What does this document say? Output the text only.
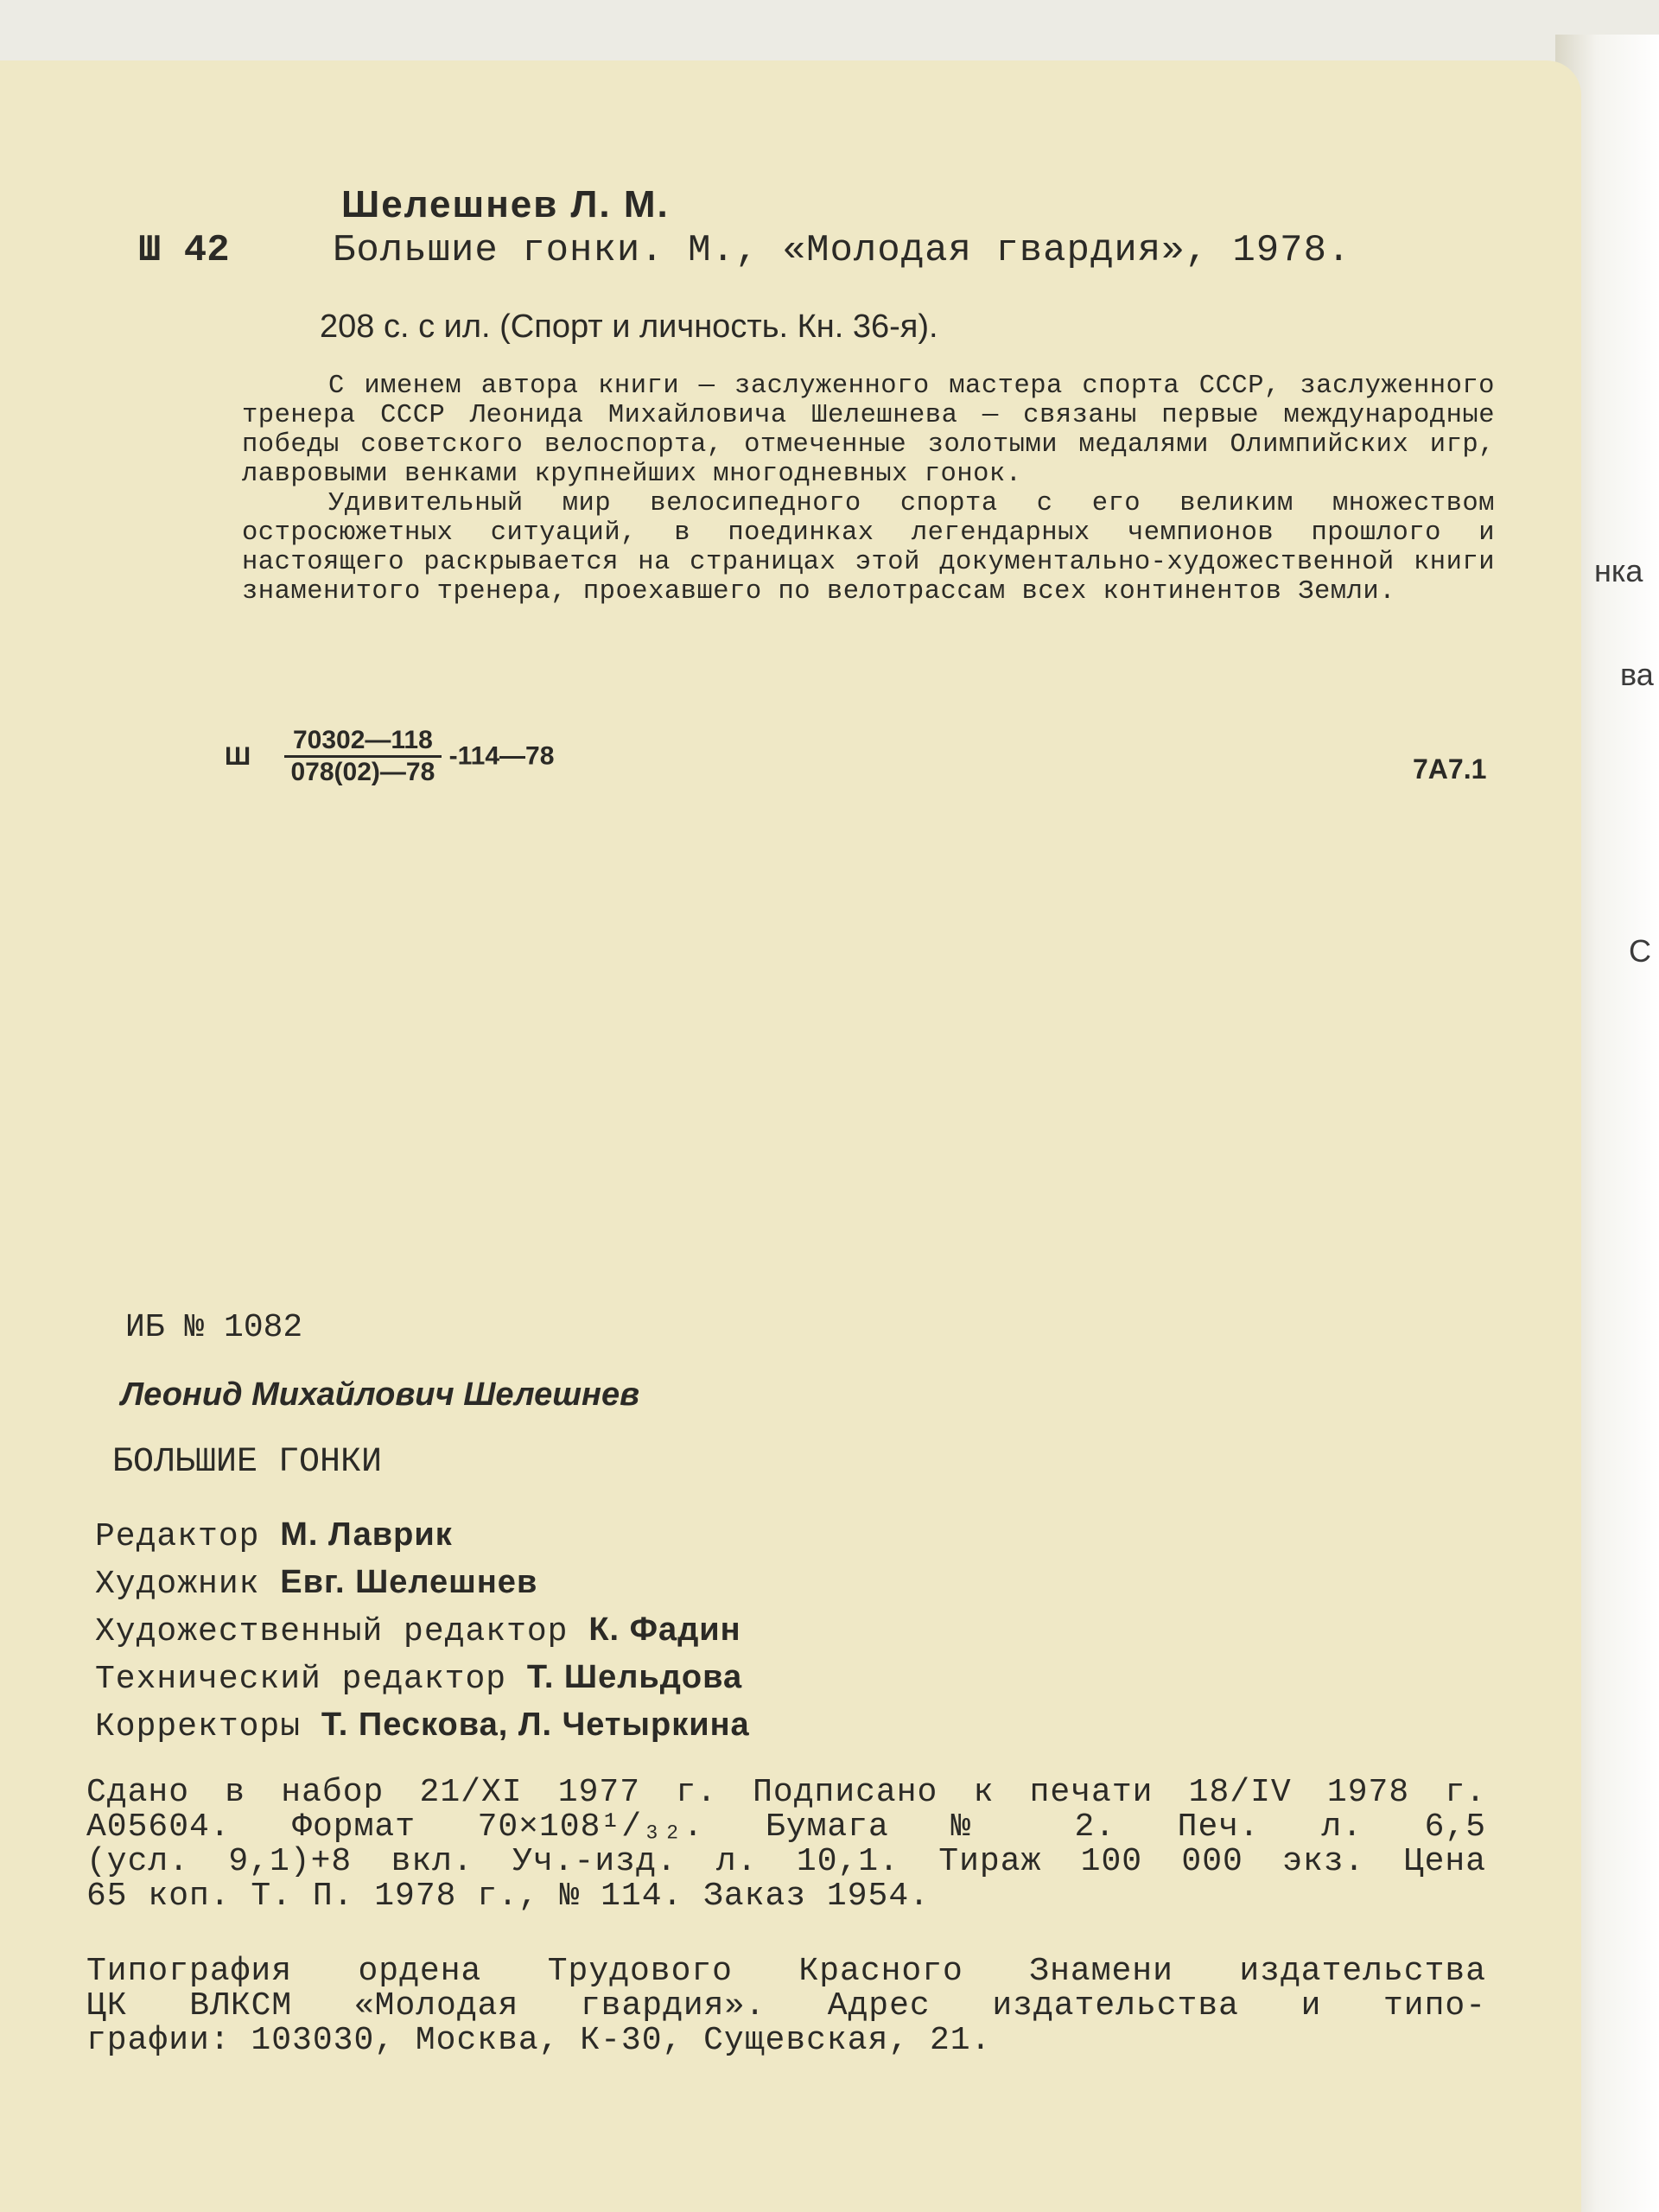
нка
ва
С
Шелешнев Л. М.
Ш 42	Большие гонки. М., «Молодая гвардия», 1978.
208 с. с ил. (Спорт и личность. Кн. 36-я).

С именем автора книги — заслуженного мастера спорта СССР, заслуженного тренера СССР Леонида Михайловича Шелешнева — связаны первые международные победы советского велоспорта, отмеченные золотыми медалями Олимпийских игр, лавровыми венками крупнейших многодневных гонок.

Удивительный мир велосипедного спорта с его великим множеством остросюжетных ситуаций, в поединках легендарных чемпионов прошлого и настоящего раскрывается на страницах этой документально-художественной книги знаменитого тренера, проехавшего по велотрассам всех континентов Земли.

Ш $\frac{70302—118}{078(02)—78}$ -114—78	7А7.1
ИБ № 1082
Леонид Михайлович Шелешнев
БОЛЬШИЕ ГОНКИ
Редактор М. Лаврик
Художник Евг. Шелешнев
Художественный редактор К. Фадин
Технический редактор Т. Шельдова
Корректоры Т. Пескова, Л. Четыркина
Сдано в набор 21/XI 1977 г. Подписано к печати 18/IV 1978 г.
А05604. Формат 70×108¹/₃₂. Бумага № 2. Печ. л. 6,5
(усл. 9,1)+8 вкл. Уч.-изд. л. 10,1. Тираж 100 000 экз. Цена
65 коп. Т. П. 1978 г., № 114. Заказ 1954.
Типография ордена Трудового Красного Знамени издательства
ЦК ВЛКСМ «Молодая гвардия». Адрес издательства и типо-
графии: 103030, Москва, К-30, Сущевская, 21.
